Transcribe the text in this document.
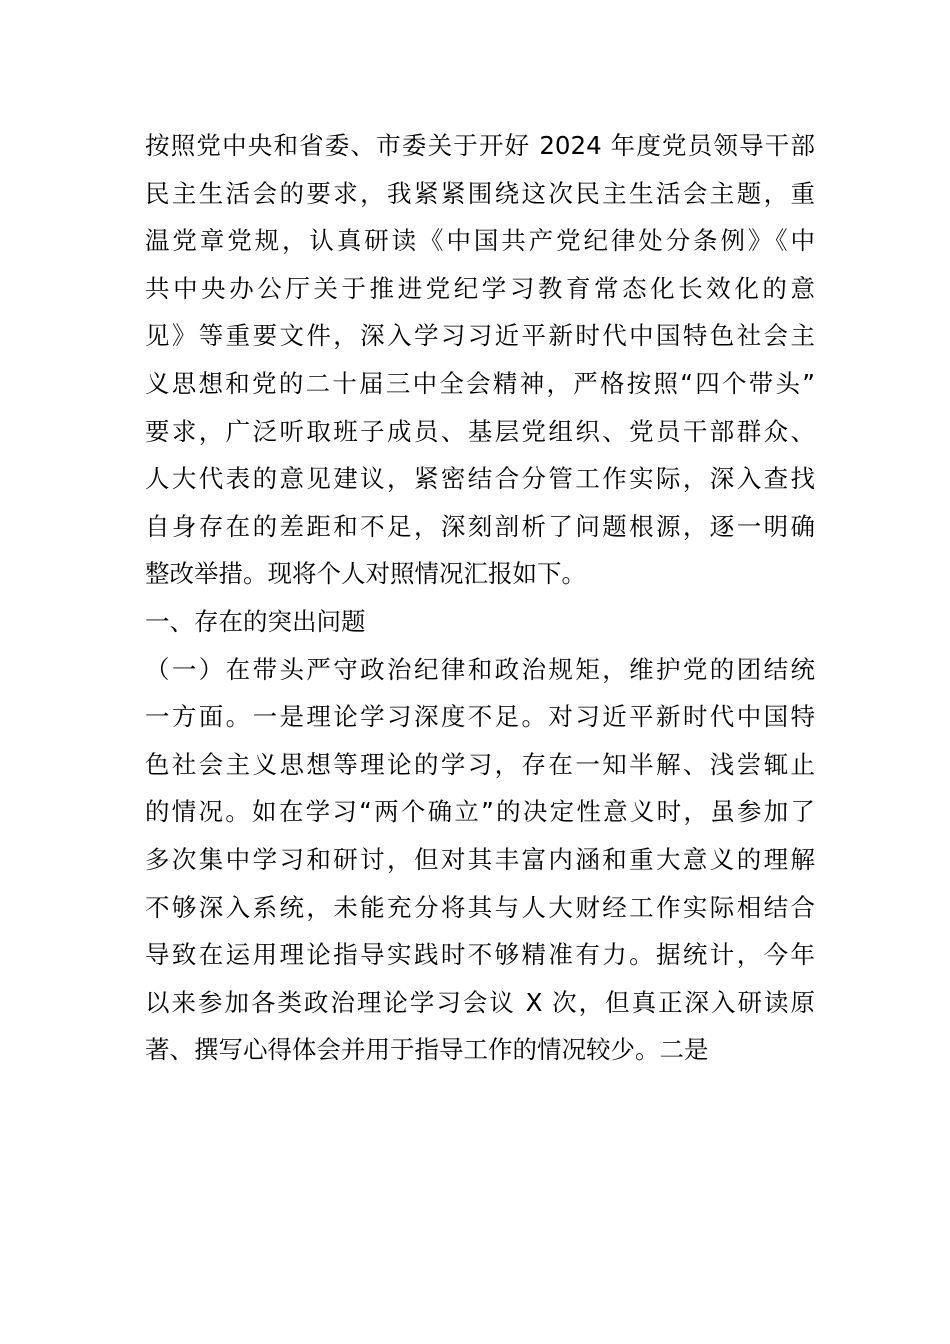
按照党中央和省委、市委关于开好 2024 年度党员领导干部
民主生活会的要求，我紧紧围绕这次民主生活会主题，重
温党章党规，认真研读《中国共产党纪律处分条例》《中
共中央办公厅关于推进党纪学习教育常态化长效化的意
见》等重要文件，深入学习习近平新时代中国特色社会主
义思想和党的二十届三中全会精神，严格按照“四个带头”
要求，广泛听取班子成员、基层党组织、党员干部群众、
人大代表的意见建议，紧密结合分管工作实际，深入查找
自身存在的差距和不足，深刻剖析了问题根源，逐一明确
整改举措。现将个人对照情况汇报如下。
一、存在的突出问题
（一）在带头严守政治纪律和政治规矩，维护党的团结统
一方面。一是理论学习深度不足。对习近平新时代中国特
色社会主义思想等理论的学习，存在一知半解、浅尝辄止
的情况。如在学习“两个确立”的决定性意义时，虽参加了
多次集中学习和研讨，但对其丰富内涵和重大意义的理解
不够深入系统，未能充分将其与人大财经工作实际相结合
导致在运用理论指导实践时不够精准有力。据统计，今年
以来参加各类政治理论学习会议 X 次，但真正深入研读原
著、撰写心得体会并用于指导工作的情况较少。二是
